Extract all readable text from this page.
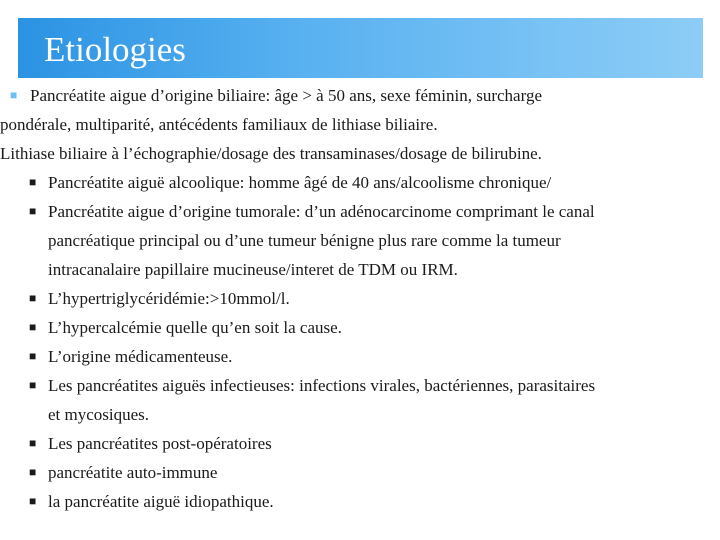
Etiologies
■ Pancréatite aigue d’origine biliaire: âge > à 50 ans, sexe féminin, surcharge
pondérale, multiparité, antécédents familiaux de lithiase biliaire.
Lithiase biliaire à l’échographie/dosage des transaminases/dosage de bilirubine.
■ Pancréatite aiguë alcoolique: homme âgé de 40 ans/alcoolisme chronique/
■ Pancréatite aigue d’origine tumorale: d’un adénocarcinome comprimant le canal
pancréatique principal ou d’une tumeur bénigne plus rare comme la tumeur
intracanalaire papillaire mucineuse/interet de TDM ou IRM.
■ L’hypertriglycéridémie:>10mmol/l.
■ L’hypercalcémie quelle qu’en soit la cause.
■ L’origine médicamenteuse.
■ Les pancréatites aiguës infectieuses: infections virales, bactériennes, parasitaires
et mycosiques.
■ Les pancréatites post-opératoires
■ pancréatite auto-immune
■ la pancréatite aiguë idiopathique.
